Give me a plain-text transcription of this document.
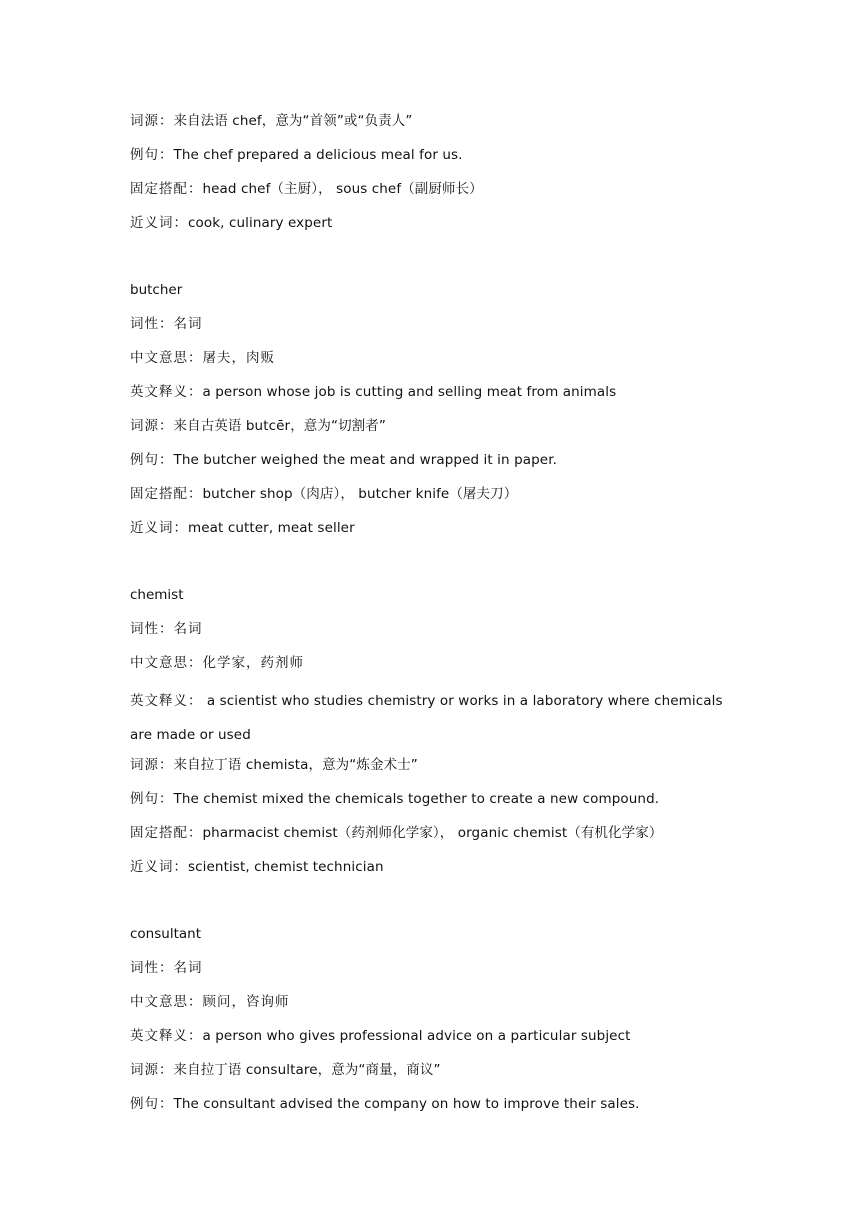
词源：来自法语 chef，意为“首领”或“负责人”
例句：The chef prepared a delicious meal for us.
固定搭配：head chef（主厨）， sous chef（副厨师长）
近义词：cook, culinary expert
butcher
词性：名词
中文意思：屠夫，肉贩
英文释义：a person whose job is cutting and selling meat from animals
词源：来自古英语 butcēr，意为“切割者”
例句：The butcher weighed the meat and wrapped it in paper.
固定搭配：butcher shop（肉店）， butcher knife（屠夫刀）
近义词：meat cutter, meat seller
chemist
词性：名词
中文意思：化学家，药剂师
英文释义： a scientist who studies chemistry or works in a laboratory where chemicals are made or used
词源：来自拉丁语 chemista，意为“炼金术士”
例句：The chemist mixed the chemicals together to create a new compound.
固定搭配：pharmacist chemist（药剂师化学家）， organic chemist（有机化学家）
近义词：scientist, chemist technician
consultant
词性：名词
中文意思：顾问，咨询师
英文释义：a person who gives professional advice on a particular subject
词源：来自拉丁语 consultare，意为“商量，商议”
例句：The consultant advised the company on how to improve their sales.
